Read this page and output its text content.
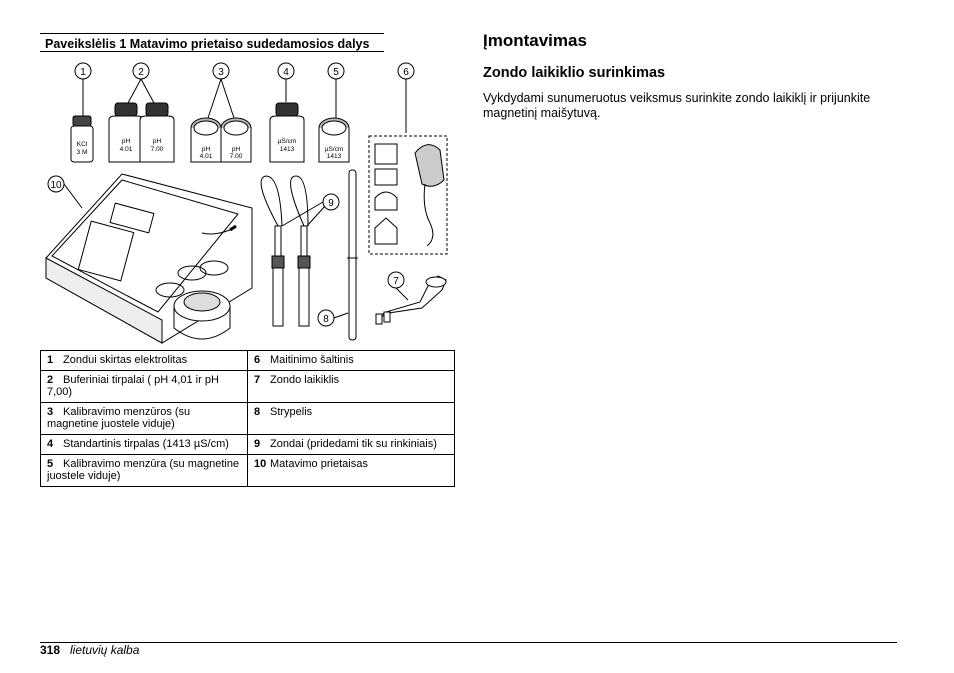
Paveikslėlis 1 Matavimo prietaiso sudedamosios dalys
1	2	3	4	5	6
10
9
8
7
KCl
3 M
pH
4.01
pH
7.00	pH
4.01
pH
7.00
µS/cm
1413	µS/cm
1413
1 Zondui skirtas elektrolitas	6 Maitinimo šaltinis
2 Buferiniai tirpalai ( pH 4,01 ir pH 7,00)	7 Zondo laikiklis
3 Kalibravimo menzūros (su magnetine juostele viduje)	8 Strypelis
4 Standartinis tirpalas (1413 µS/cm)	9 Zondai (pridedami tik su rinkiniais)
5 Kalibravimo menzūra (su magnetine juostele viduje)	10 Matavimo prietaisas
Įmontavimas
Zondo laikiklio surinkimas
Vykdydami sunumeruotus veiksmus surinkite zondo laikiklį ir prijunkite magnetinį maišytuvą.
318 lietuvių kalba
